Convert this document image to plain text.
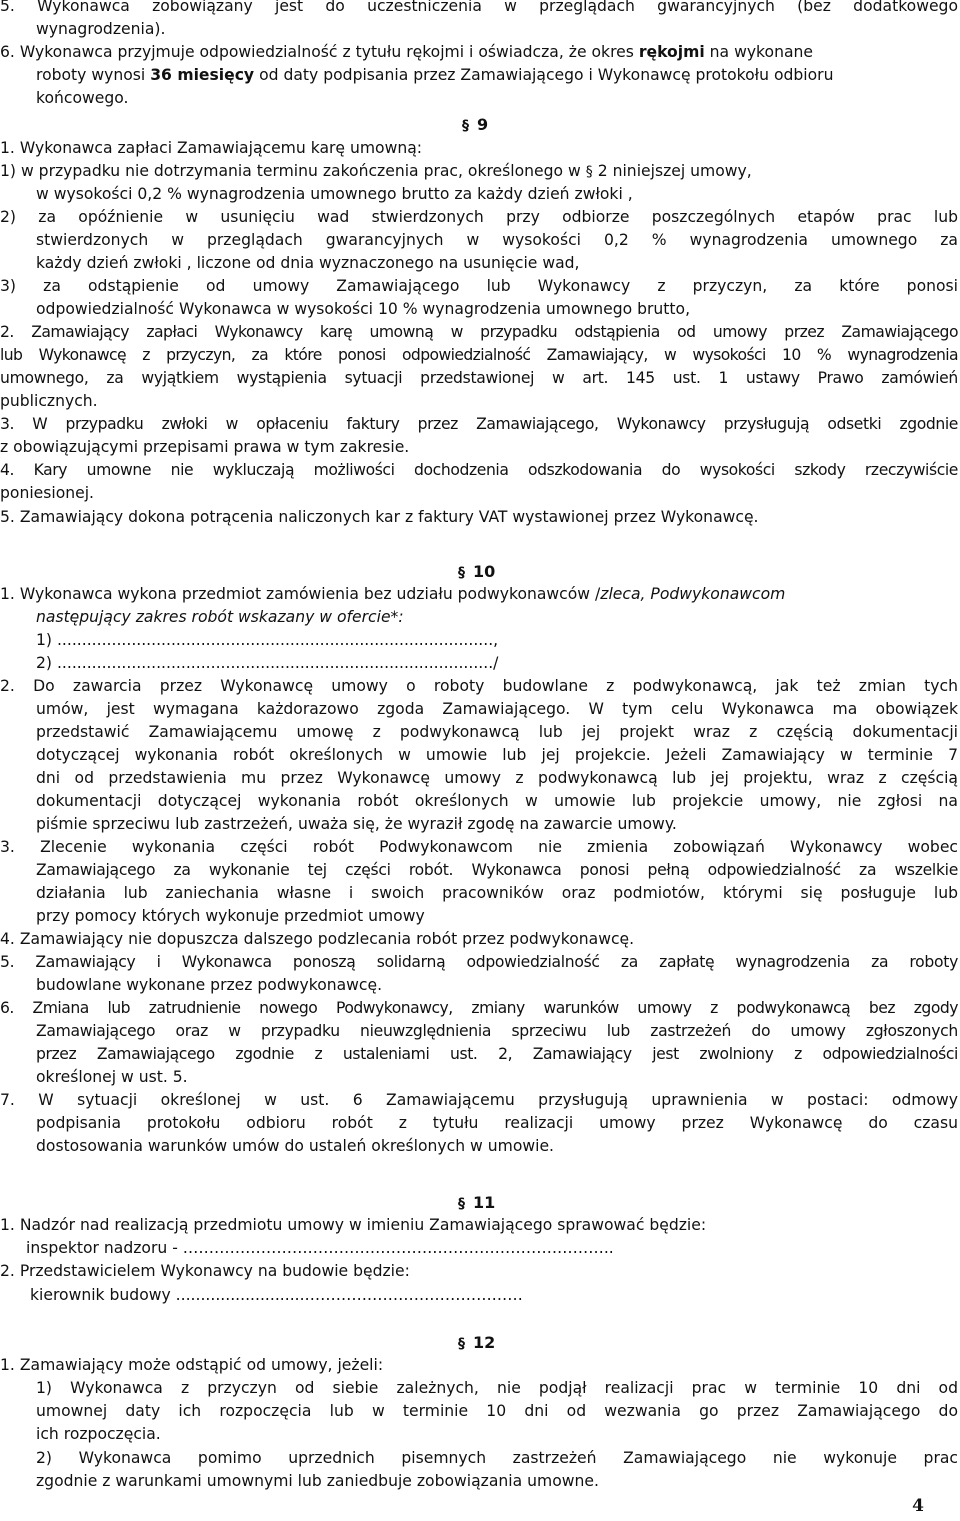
5. Wykonawca zobowiązany jest do uczestniczenia w przeglądach gwarancyjnych (bez dodatkowego
wynagrodzenia).
6. Wykonawca przyjmuje odpowiedzialność z tytułu rękojmi i oświadcza, że okres rękojmi na wykonane
roboty wynosi 36 miesięcy od daty podpisania przez Zamawiającego i Wykonawcę protokołu odbioru
końcowego.
§ 9
1. Wykonawca zapłaci Zamawiającemu karę umowną:
1) w przypadku nie dotrzymania terminu zakończenia prac, określonego w § 2 niniejszej umowy,
w wysokości 0,2 % wynagrodzenia umownego brutto za każdy dzień zwłoki ,
2) za opóźnienie w usunięciu wad stwierdzonych przy odbiorze poszczególnych etapów prac lub
stwierdzonych w przeglądach gwarancyjnych w wysokości 0,2 % wynagrodzenia umownego za
każdy dzień zwłoki , liczone od dnia wyznaczonego na usunięcie wad,
3) za odstąpienie od umowy Zamawiającego lub Wykonawcy z przyczyn, za które ponosi
odpowiedzialność Wykonawca w wysokości 10 % wynagrodzenia umownego brutto,
2. Zamawiający zapłaci Wykonawcy karę umowną w przypadku odstąpienia od umowy przez Zamawiającego
lub Wykonawcę z przyczyn, za które ponosi odpowiedzialność Zamawiający, w wysokości 10 % wynagrodzenia
umownego, za wyjątkiem wystąpienia sytuacji przedstawionej w art. 145 ust. 1 ustawy Prawo zamówień
publicznych.
3. W przypadku zwłoki w opłaceniu faktury przez Zamawiającego, Wykonawcy przysługują odsetki zgodnie
z obowiązującymi przepisami prawa w tym zakresie.
4. Kary umowne nie wykluczają możliwości dochodzenia odszkodowania do wysokości szkody rzeczywiście
poniesionej.
5. Zamawiający dokona potrącenia naliczonych kar z faktury VAT wystawionej przez Wykonawcę.
§ 10
1. Wykonawca wykona przedmiot zamówienia bez udziału podwykonawców /zleca, Podwykonawcom
następujący zakres robót wskazany w ofercie*:
1) ........................................................................................,
2) ......................................................................................../
2. Do zawarcia przez Wykonawcę umowy o roboty budowlane z podwykonawcą, jak też zmian tych
umów, jest wymagana każdorazowo zgoda Zamawiającego. W tym celu Wykonawca ma obowiązek
przedstawić Zamawiającemu umowę z podwykonawcą lub jej projekt wraz z częścią dokumentacji
dotyczącej wykonania robót określonych w umowie lub jej projekcie. Jeżeli Zamawiający w terminie 7
dni od przedstawienia mu przez Wykonawcę umowy z podwykonawcą lub jej projektu, wraz z częścią
dokumentacji dotyczącej wykonania robót określonych w umowie lub projekcie umowy, nie zgłosi na
piśmie sprzeciwu lub zastrzeżeń, uważa się, że wyraził zgodę na zawarcie umowy.
3. Zlecenie wykonania części robót Podwykonawcom nie zmienia zobowiązań Wykonawcy wobec
Zamawiającego za wykonanie tej części robót. Wykonawca ponosi pełną odpowiedzialność za wszelkie
działania lub zaniechania własne i swoich pracowników oraz podmiotów, którymi się posługuje lub
przy pomocy których wykonuje przedmiot umowy
4. Zamawiający nie dopuszcza dalszego podzlecania robót przez podwykonawcę.
5. Zamawiający i Wykonawca ponoszą solidarną odpowiedzialność za zapłatę wynagrodzenia za roboty
budowlane wykonane przez podwykonawcę.
6. Zmiana lub zatrudnienie nowego Podwykonawcy, zmiany warunków umowy z podwykonawcą bez zgody
Zamawiającego oraz w przypadku nieuwzględnienia sprzeciwu lub zastrzeżeń do umowy zgłoszonych
przez Zamawiającego zgodnie z ustaleniami ust. 2, Zamawiający jest zwolniony z odpowiedzialności
określonej w ust. 5.
7. W sytuacji określonej w ust. 6 Zamawiającemu przysługują uprawnienia w postaci: odmowy
podpisania protokołu odbioru robót z tytułu realizacji umowy przez Wykonawcę do czasu
dostosowania warunków umów do ustaleń określonych w umowie.
§ 11
1. Nadzór nad realizacją przedmiotu umowy w imieniu Zamawiającego sprawować będzie:
inspektor nadzoru - ………………………………………………………………………..
2. Przedstawicielem Wykonawcy na budowie będzie:
kierownik budowy ..........................……………………………………
§ 12
1. Zamawiający może odstąpić od umowy, jeżeli:
1) Wykonawca z przyczyn od siebie zależnych, nie podjął realizacji prac w terminie 10 dni od
umownej daty ich rozpoczęcia lub w terminie 10 dni od wezwania go przez Zamawiającego do
ich rozpoczęcia.
2) Wykonawca pomimo uprzednich pisemnych zastrzeżeń Zamawiającego nie wykonuje prac
zgodnie z warunkami umownymi lub zaniedbuje zobowiązania umowne.
4
